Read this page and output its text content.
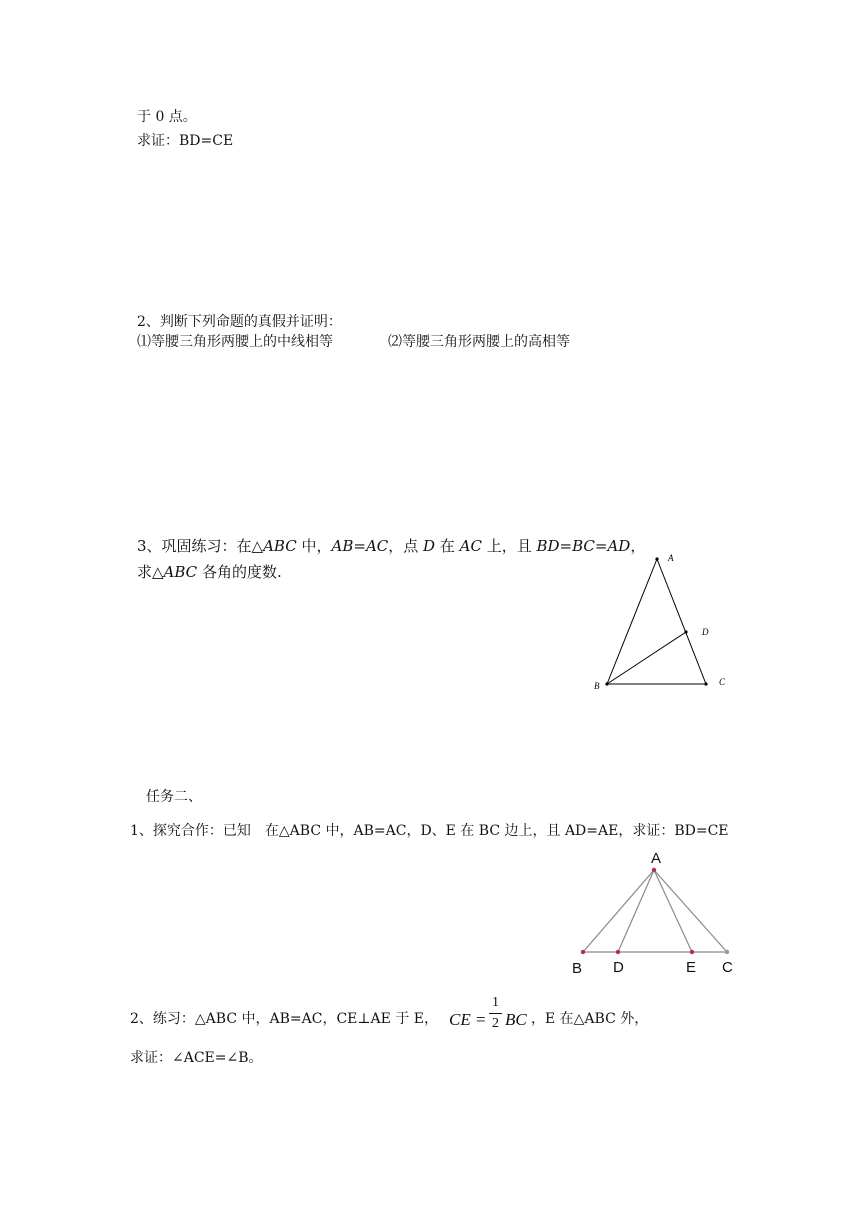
于 0 点。
求证：BD=CE
2、判断下列命题的真假并证明：
⑴等腰三角形两腰上的中线相等	⑵等腰三角形两腰上的高相等
3、巩固练习：在△ABC 中，AB=AC，点 D 在 AC 上，且 BD=BC=AD，
求△ABC 各角的度数.
A
B	C
D
任务二、
1、探究合作：已知　在△ABC 中，AB=AC，D、E 在 BC 边上，且 AD=AE，求证：BD=CE
A
B D	E C
2、练习：△ABC 中，AB=AC，CE⊥AE 于 E， CE =
1
2 BC ，E 在△ABC 外，
求证：∠ACE=∠B。
